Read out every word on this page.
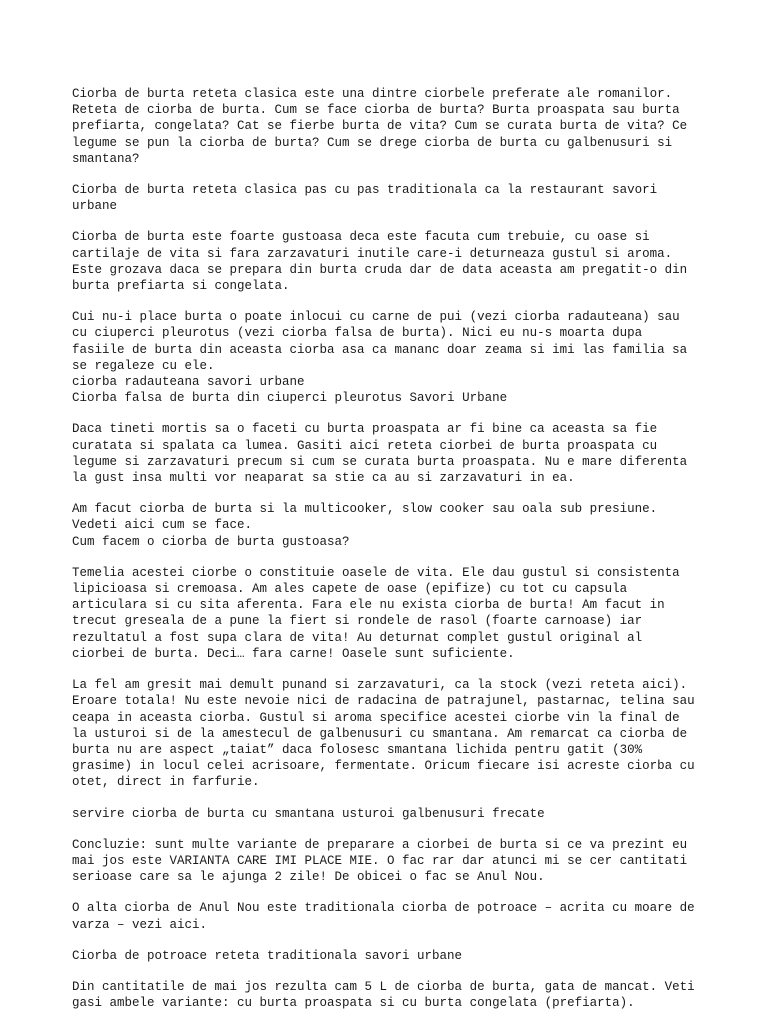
Ciorba de burta reteta clasica este una dintre ciorbele preferate ale romanilor.
Reteta de ciorba de burta. Cum se face ciorba de burta? Burta proaspata sau burta
prefiarta, congelata? Cat se fierbe burta de vita? Cum se curata burta de vita? Ce
legume se pun la ciorba de burta? Cum se drege ciorba de burta cu galbenusuri si
smantana?
Ciorba de burta reteta clasica pas cu pas traditionala ca la restaurant savori
urbane
Ciorba de burta este foarte gustoasa deca este facuta cum trebuie, cu oase si
cartilaje de vita si fara zarzavaturi inutile care-i deturneaza gustul si aroma.
Este grozava daca se prepara din burta cruda dar de data aceasta am pregatit-o din
burta prefiarta si congelata.
Cui nu-i place burta o poate inlocui cu carne de pui (vezi ciorba radauteana) sau
cu ciuperci pleurotus (vezi ciorba falsa de burta). Nici eu nu-s moarta dupa
fasiile de burta din aceasta ciorba asa ca mananc doar zeama si imi las familia sa
se regaleze cu ele.
ciorba radauteana savori urbane
Ciorba falsa de burta din ciuperci pleurotus Savori Urbane
Daca tineti mortis sa o faceti cu burta proaspata ar fi bine ca aceasta sa fie
curatata si spalata ca lumea. Gasiti aici reteta ciorbei de burta proaspata cu
legume si zarzavaturi precum si cum se curata burta proaspata. Nu e mare diferenta
la gust insa multi vor neaparat sa stie ca au si zarzavaturi in ea.
Am facut ciorba de burta si la multicooker, slow cooker sau oala sub presiune.
Vedeti aici cum se face.
Cum facem o ciorba de burta gustoasa?
Temelia acestei ciorbe o constituie oasele de vita. Ele dau gustul si consistenta
lipicioasa si cremoasa. Am ales capete de oase (epifize) cu tot cu capsula
articulara si cu sita aferenta. Fara ele nu exista ciorba de burta! Am facut in
trecut greseala de a pune la fiert si rondele de rasol (foarte carnoase) iar
rezultatul a fost supa clara de vita! Au deturnat complet gustul original al
ciorbei de burta. Deci… fara carne! Oasele sunt suficiente.
La fel am gresit mai demult punand si zarzavaturi, ca la stock (vezi reteta aici).
Eroare totala! Nu este nevoie nici de radacina de patrajunel, pastarnac, telina sau
ceapa in aceasta ciorba. Gustul si aroma specifice acestei ciorbe vin la final de
la usturoi si de la amestecul de galbenusuri cu smantana. Am remarcat ca ciorba de
burta nu are aspect „taiat” daca folosesc smantana lichida pentru gatit (30%
grasime) in locul celei acrisoare, fermentate. Oricum fiecare isi acreste ciorba cu
otet, direct in farfurie.
servire ciorba de burta cu smantana usturoi galbenusuri frecate
Concluzie: sunt multe variante de preparare a ciorbei de burta si ce va prezint eu
mai jos este VARIANTA CARE IMI PLACE MIE. O fac rar dar atunci mi se cer cantitati
serioase care sa le ajunga 2 zile! De obicei o fac se Anul Nou.
O alta ciorba de Anul Nou este traditionala ciorba de potroace – acrita cu moare de
varza – vezi aici.
Ciorba de potroace reteta traditionala savori urbane
Din cantitatile de mai jos rezulta cam 5 L de ciorba de burta, gata de mancat. Veti
gasi ambele variante: cu burta proaspata si cu burta congelata (prefiarta).
